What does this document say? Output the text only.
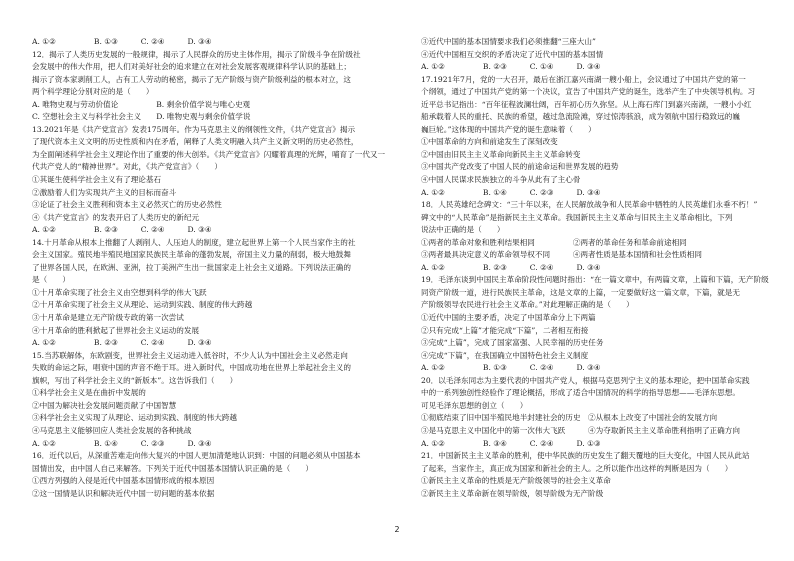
A. ①②　　　　　B. ①③　　　C. ②④　　　D. ③④
12．揭示了人类历史发展的一般规律，揭示了人民群众的历史主体作用，揭示了阶级斗争在阶级社
会发展中的伟大作用，把人们对美好社会的追求建立在对社会发展客观规律科学认识的基础上；
揭示了资本家剥削工人，占有工人劳动的秘密，揭示了无产阶级与资产阶级利益的根本对立，这
两个科学理论分别对应的是（　　）
A. 唯物史观与劳动价值论　　　　　B. 剩余价值学说与唯心史观
C. 空想社会主义与科学社会主义　　D. 唯物史观与剩余价值学说
13.2021年是《共产党宣言》发表175周年。作为马克思主义的纲领性文件，《共产党宣言》揭示
了现代资本主义文明的历史性质和内在矛盾，阐释了人类文明融入共产主义新文明的历史必然性，
为全面阐述科学社会主义理论作出了重要的伟大创举。《共产党宣言》闪耀着真理的光辉，哺育了一代又一
代共产党人的“精神世界”。对此，《共产党宣言》（　　）
①其诞生使科学社会主义有了理论基石
②激励着人们为实现共产主义的目标而奋斗
③论证了社会主义胜利和资本主义必然灭亡的历史必然性
④《共产党宣言》的发表开启了人类历史的新纪元
A. ①②　　　　　B. ②③　　　C. ②④　　　D. ③④
14.十月革命从根本上推翻了人剥削人、人压迫人的制度，建立起世界上第一个人民当家作主的社
会主义国家。殖民地半殖民地国家民族民主革命的蓬勃发展，帝国主义力量的削弱，极大地鼓舞
了世界各国人民，在欧洲、亚洲，拉丁美洲产生出一批国家走上社会主义道路。下列说法正确的
是（　　）
①十月革命实现了社会主义由空想到科学的伟大飞跃
②十月革命实现了社会主义从理论、运动到实践、制度的伟大跨越
③十月革命是建立无产阶级专政的第一次尝试
④十月革命的胜利掀起了世界社会主义运动的发展
A. ①②　　　　　B. ②③　　　C. ②④　　　D. ③④
15.当苏联解体，东欧剧变，世界社会主义运动进入低谷时，不少人认为中国社会主义必然走向
失败的命运之际，唱衰中国的声音不绝于耳。进入新时代，中国成功地在世界上举起社会主义的
旗帜，写出了科学社会主义的“新版本”。这告诉我们（　　）
①科学社会主义是在曲折中发展的
②中国为解决社会发展问题贡献了中国智慧
③科学社会主义实现了从理论、运动到实践、制度的伟大跨越
④马克思主义能够回应人类社会发展的各种挑战
A. ①②　　　　　B. ①④　　　C. ②③　　　D. ③④
16．近代以后，从深重苦难走向伟大复兴的中国人更加清楚地认识到：中国的问题必须从中国基本
国情出发，由中国人自己来解答。下列关于近代中国基本国情认识正确的是（　　）
①西方列强的入侵是近代中国基本国情形成的根本原因
②这一国情是认识和解决近代中国一切问题的基本依据
③近代中国的基本国情要求我们必须推翻“三座大山”
④近代中国相互交织的矛盾决定了近代中国的基本国情
A. ①②　　　　　B. ②③　　　C. ①④　　　D. ③④
17.1921年7月，党的一大召开，最后在浙江嘉兴南湖一艘小船上，会议通过了中国共产党的第一
个纲领，通过了中国共产党的第一个决议，宣告了中国共产党的诞生，选举产生了中央领导机构。习
近平总书记指出：“百年征程波澜壮阔，百年初心历久弥坚。从上海石库门到嘉兴南湖，一艘小小红
船承载着人民的重托、民族的希望，越过急流险滩，穿过惊涛骇浪，成为领航中国行稳致远的巍
巍巨轮。”这体现的中国共产党的诞生意味着（　　）
①中国革命的方向和前途发生了深刻改变
②中国由旧民主主义革命向新民主主义革命转变
③中国共产党改变了中国人民的前途命运和世界发展的趋势
④中国人民谋求民族独立的斗争从此有了主心骨
A. ①②　　　　　B. ①④　　　C. ②③　　　D. ③④
18．人民英雄纪念碑文：“三十年以来，在人民解放战争和人民革命中牺牲的人民英雄们永垂不朽！”
碑文中的“人民革命”是指新民主主义革命。我国新民主主义革命与旧民主主义革命相比，下列
说法中正确的是（　　）
①两者的革命对象和胜利结果相同　　　　　②两者的革命任务和革命前途相同
③两者最具决定意义的革命领导权不同　　　④两者性质是基本国情和社会性质相同
A. ①②　　　　　B. ②③　　　C. ②④　　　D. ③④
19．毛泽东谈到中国民主革命阶段性问题时指出：“在一篇文章中，有两篇文章，上篇和下篇，无产阶级
同资产阶级一道，进行民族民主革命，这是文章的上篇，一定要做好这一篇文章，下篇，就是无
产阶级领导农民进行社会主义革命。”对此理解正确的是（　　）
①近代中国的主要矛盾，决定了中国革命分上下两篇
②只有完成“上篇”才能完成“下篇”，二者相互衔接
③完成“上篇”，完成了国家富强、人民幸福的历史任务
④完成“下篇”，在我国确立中国特色社会主义制度
A. ①②　　　　　B. ①③　　　C. ②④　　　D. ③④
20．以毛泽东同志为主要代表的中国共产党人，根据马克思列宁主义的基本理论，把中国革命实践
中的一系列独创性经验作了理论概括，形成了适合中国情况的科学的指导思想——毛泽东思想。
可见毛泽东思想的创立（　　）
①彻底结束了旧中国半殖民地半封建社会的历史　②从根本上改变了中国社会的发展方向
③是马克思主义中国化中的第一次伟大飞跃　　　④为夺取新民主主义革命胜利指明了正确方向
A. ①②　　　　　B. ③④　　　C. ②④　　　D. ①③
21．中国新民主主义革命的胜利，使中华民族的历史发生了翻天覆地的巨大变化，中国人民从此站
了起来，当家作主，真正成为国家和新社会的主人。之所以能作出这样的判断是因为（　　）
①新民主主义革命的性质是无产阶级领导的社会主义革命
②新民主主义革命新在领导阶级，领导阶级为无产阶级
2
